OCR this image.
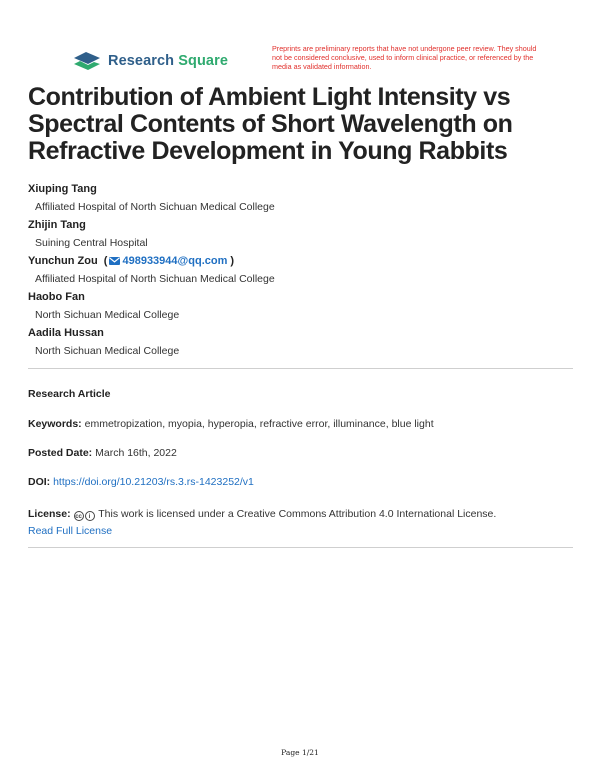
Research Square
Preprints are preliminary reports that have not undergone peer review. They should not be considered conclusive, used to inform clinical practice, or referenced by the media as validated information.
Contribution of Ambient Light Intensity vs Spectral Contents of Short Wavelength on Refractive Development in Young Rabbits
Xiuping Tang
Affiliated Hospital of North Sichuan Medical College
Zhijin Tang
Suining Central Hospital
Yunchun Zou  ( 498933944@qq.com )
Affiliated Hospital of North Sichuan Medical College
Haobo Fan
North Sichuan Medical College
Aadila Hussan
North Sichuan Medical College
Research Article
Keywords: emmetropization, myopia, hyperopia, refractive error, illuminance, blue light
Posted Date: March 16th, 2022
DOI: https://doi.org/10.21203/rs.3.rs-1423252/v1
License: cc i This work is licensed under a Creative Commons Attribution 4.0 International License.
Read Full License
Page 1/21
